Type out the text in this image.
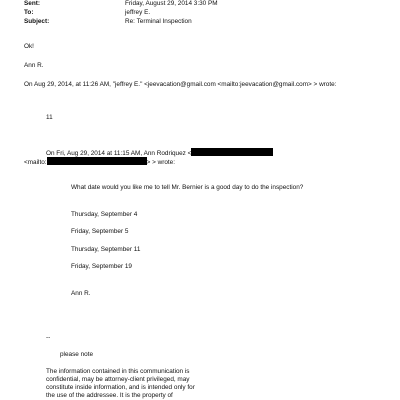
Sent:	Friday, August 29, 2014 3:30 PM
To:	jeffrey E.
Subject:	Re: Terminal Inspection
Ok!
Ann R.
On Aug 29, 2014, at 11:26 AM, "jeffrey E." <jeevacation@gmail.com <mailto:jeevacation@gmail.com> > wrote:
11
On Fri, Aug 29, 2014 at 11:15 AM, Ann Rodriquez <
<mailto:	> > wrote:
What date would you like me to tell Mr. Bernier is a good day to do the inspection?
Thursday, September 4
Friday, September 5
Thursday, September 11
Friday, September 19
Ann R.
--
please note
The information contained in this communication is
confidential, may be attorney-client privileged, may
constitute inside information, and is intended only for
the use of the addressee. It is the property of
